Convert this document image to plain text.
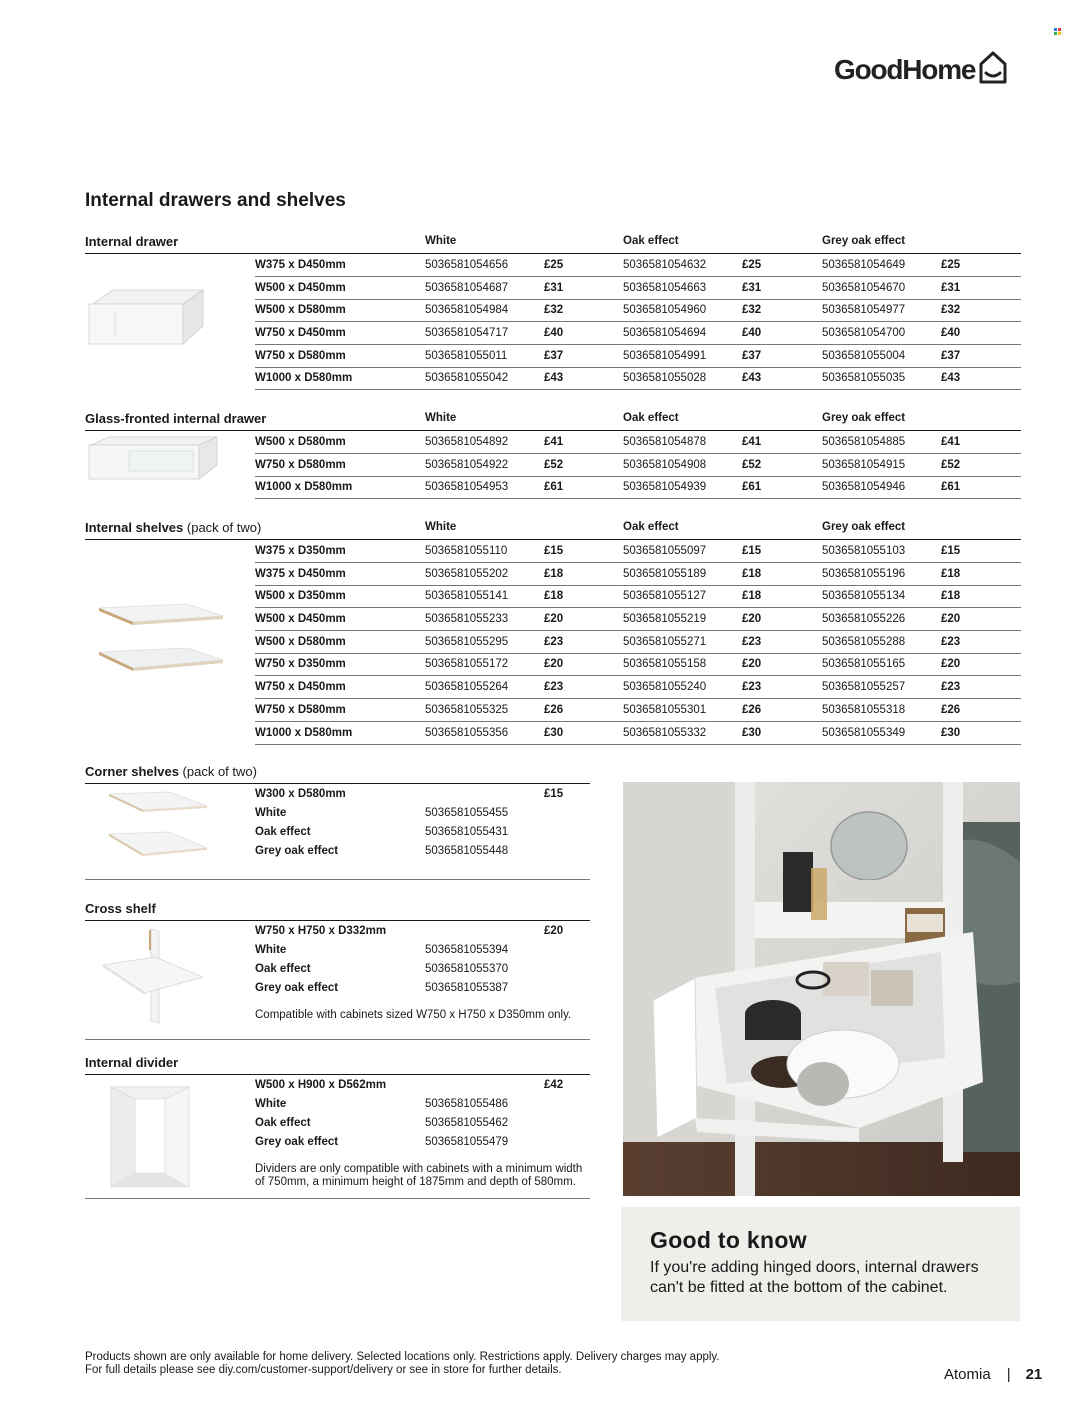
GoodHome
Internal drawers and shelves
Internal drawer	White	Oak effect	Grey oak effect
W375 x D450mm	5036581054656	£25	5036581054632	£25	5036581054649	£25
W500 x D450mm	5036581054687	£31	5036581054663	£31	5036581054670	£31
W500 x D580mm	5036581054984	£32	5036581054960	£32	5036581054977	£32
W750 x D450mm	5036581054717	£40	5036581054694	£40	5036581054700	£40
W750 x D580mm	5036581055011	£37	5036581054991	£37	5036581055004	£37
W1000 x D580mm	5036581055042	£43	5036581055028	£43	5036581055035	£43
Glass-fronted internal drawer	White	Oak effect	Grey oak effect
W500 x D580mm	5036581054892	£41	5036581054878	£41	5036581054885	£41
W750 x D580mm	5036581054922	£52	5036581054908	£52	5036581054915	£52
W1000 x D580mm	5036581054953	£61	5036581054939	£61	5036581054946	£61
Internal shelves (pack of two)	White	Oak effect	Grey oak effect
W375 x D350mm	5036581055110	£15	5036581055097	£15	5036581055103	£15
W375 x D450mm	5036581055202	£18	5036581055189	£18	5036581055196	£18
W500 x D350mm	5036581055141	£18	5036581055127	£18	5036581055134	£18
W500 x D450mm	5036581055233	£20	5036581055219	£20	5036581055226	£20
W500 x D580mm	5036581055295	£23	5036581055271	£23	5036581055288	£23
W750 x D350mm	5036581055172	£20	5036581055158	£20	5036581055165	£20
W750 x D450mm	5036581055264	£23	5036581055240	£23	5036581055257	£23
W750 x D580mm	5036581055325	£26	5036581055301	£26	5036581055318	£26
W1000 x D580mm	5036581055356	£30	5036581055332	£30	5036581055349	£30
Corner shelves (pack of two)
W300 x D580mm	£15
White	5036581055455
Oak effect	5036581055431
Grey oak effect	5036581055448
Cross shelf
W750 x H750 x D332mm	£20
White	5036581055394
Oak effect	5036581055370
Grey oak effect	5036581055387
Compatible with cabinets sized W750 x H750 x D350mm only.
Internal divider
W500 x H900 x D562mm	£42
White	5036581055486
Oak effect	5036581055462
Grey oak effect	5036581055479
Dividers are only compatible with cabinets with a minimum width of 750mm, a minimum height of 1875mm and depth of 580mm.
Good to know
If you're adding hinged doors, internal drawers can't be fitted at the bottom of the cabinet.
Products shown are only available for home delivery. Selected locations only. Restrictions apply. Delivery charges may apply. For full details please see diy.com/customer-support/delivery or see in store for further details.	Atomia | 21
